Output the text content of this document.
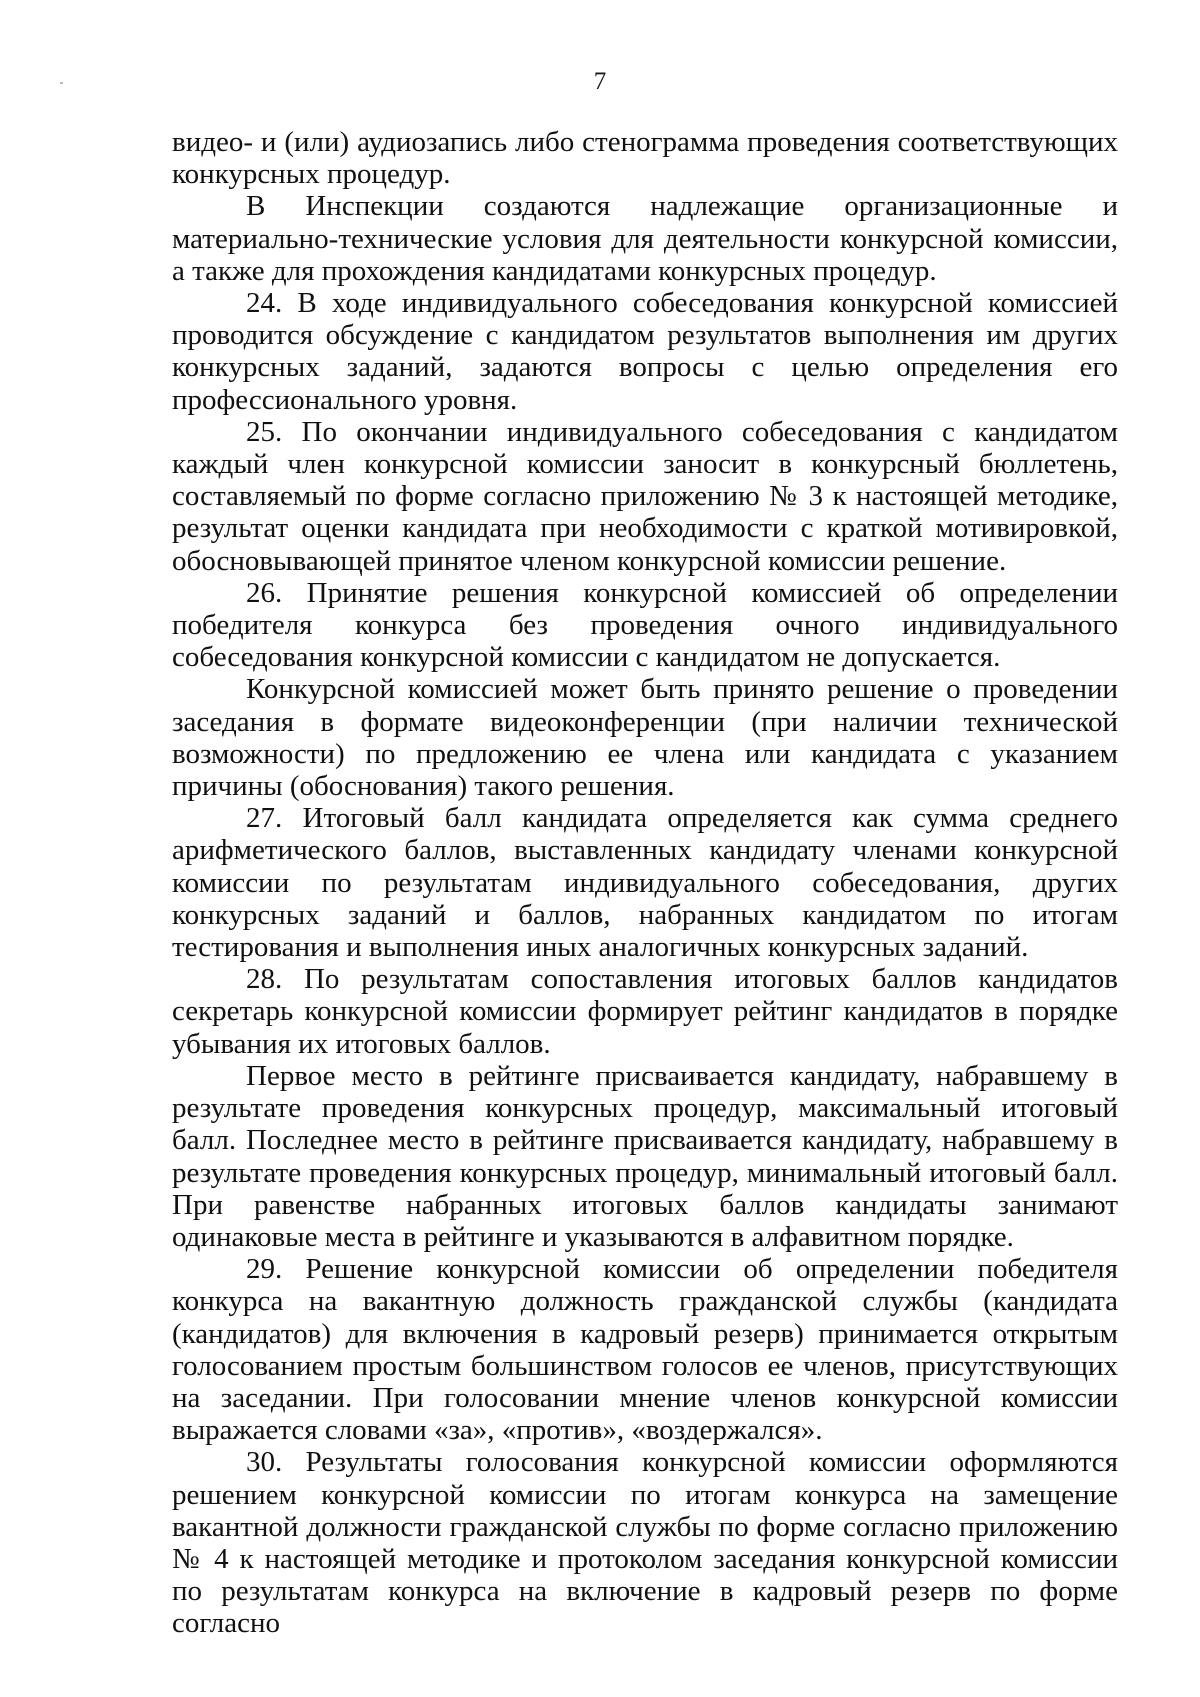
7

видео- и (или) аудиозапись либо стенограмма проведения соответствующих конкурсных процедур.

В Инспекции создаются надлежащие организационные и материально-технические условия для деятельности конкурсной комиссии, а также для прохождения кандидатами конкурсных процедур.

24. В ходе индивидуального собеседования конкурсной комиссией проводится обсуждение с кандидатом результатов выполнения им других конкурсных заданий, задаются вопросы с целью определения его профессионального уровня.

25. По окончании индивидуального собеседования с кандидатом каждый член конкурсной комиссии заносит в конкурсный бюллетень, составляемый по форме согласно приложению № 3 к настоящей методике, результат оценки кандидата при необходимости с краткой мотивировкой, обосновывающей принятое членом конкурсной комиссии решение.

26. Принятие решения конкурсной комиссией об определении победителя конкурса без проведения очного индивидуального собеседования конкурсной комиссии с кандидатом не допускается.

Конкурсной комиссией может быть принято решение о проведении заседания в формате видеоконференции (при наличии технической возможности) по предложению ее члена или кандидата с указанием причины (обоснования) такого решения.

27. Итоговый балл кандидата определяется как сумма среднего арифметического баллов, выставленных кандидату членами конкурсной комиссии по результатам индивидуального собеседования, других конкурсных заданий и баллов, набранных кандидатом по итогам тестирования и выполнения иных аналогичных конкурсных заданий.

28. По результатам сопоставления итоговых баллов кандидатов секретарь конкурсной комиссии формирует рейтинг кандидатов в порядке убывания их итоговых баллов.

Первое место в рейтинге присваивается кандидату, набравшему в результате проведения конкурсных процедур, максимальный итоговый балл. Последнее место в рейтинге присваивается кандидату, набравшему в результате проведения конкурсных процедур, минимальный итоговый балл. При равенстве набранных итоговых баллов кандидаты занимают одинаковые места в рейтинге и указываются в алфавитном порядке.

29. Решение конкурсной комиссии об определении победителя конкурса на вакантную должность гражданской службы (кандидата (кандидатов) для включения в кадровый резерв) принимается открытым голосованием простым большинством голосов ее членов, присутствующих на заседании. При голосовании мнение членов конкурсной комиссии выражается словами «за», «против», «воздержался».

30. Результаты голосования конкурсной комиссии оформляются решением конкурсной комиссии по итогам конкурса на замещение вакантной должности гражданской службы по форме согласно приложению № 4 к настоящей методике и протоколом заседания конкурсной комиссии по результатам конкурса на включение в кадровый резерв по форме согласно
